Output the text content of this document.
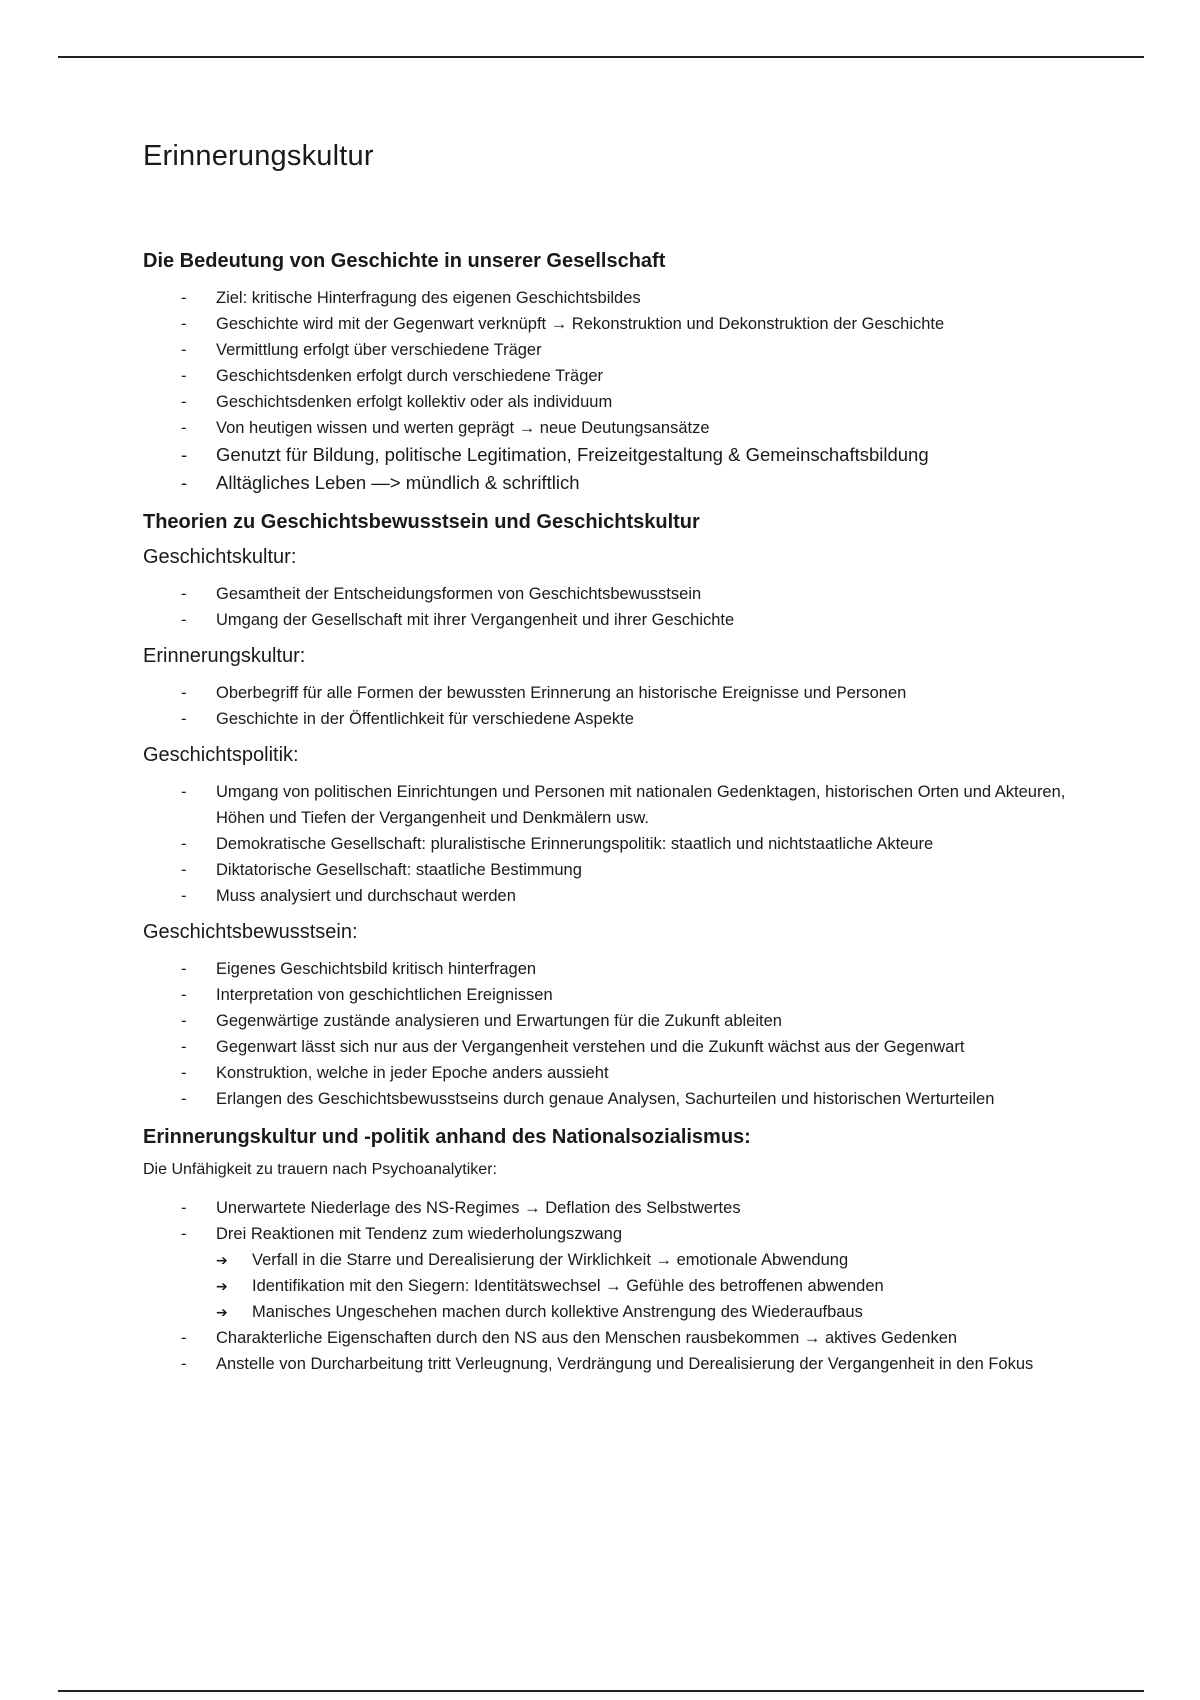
Erinnerungskultur
Die Bedeutung von Geschichte in unserer Gesellschaft
- Ziel: kritische Hinterfragung des eigenen Geschichtsbildes
- Geschichte wird mit der Gegenwart verknüpft → Rekonstruktion und Dekonstruktion der Geschichte
- Vermittlung erfolgt über verschiedene Träger
- Geschichtsdenken erfolgt durch verschiedene Träger
- Geschichtsdenken erfolgt kollektiv oder als individuum
- Von heutigen wissen und werten geprägt → neue Deutungsansätze
- Genutzt für Bildung, politische Legitimation, Freizeitgestaltung & Gemeinschaftsbildung
- Alltägliches Leben —> mündlich & schriftlich
Theorien zu Geschichtsbewusstsein und Geschichtskultur
Geschichtskultur:
- Gesamtheit der Entscheidungsformen von Geschichtsbewusstsein
- Umgang der Gesellschaft mit ihrer Vergangenheit und ihrer Geschichte
Erinnerungskultur:
- Oberbegriff für alle Formen der bewussten Erinnerung an historische Ereignisse und Personen
- Geschichte in der Öffentlichkeit für verschiedene Aspekte
Geschichtspolitik:
- Umgang von politischen Einrichtungen und Personen mit nationalen Gedenktagen, historischen Orten und Akteuren, Höhen und Tiefen der Vergangenheit und Denkmälern usw.
- Demokratische Gesellschaft: pluralistische Erinnerungspolitik: staatlich und nichtstaatliche Akteure
- Diktatorische Gesellschaft: staatliche Bestimmung
- Muss analysiert und durchschaut werden
Geschichtsbewusstsein:
- Eigenes Geschichtsbild kritisch hinterfragen
- Interpretation von geschichtlichen Ereignissen
- Gegenwärtige zustände analysieren und Erwartungen für die Zukunft ableiten
- Gegenwart lässt sich nur aus der Vergangenheit verstehen und die Zukunft wächst aus der Gegenwart
- Konstruktion, welche in jeder Epoche anders aussieht
- Erlangen des Geschichtsbewusstseins durch genaue Analysen, Sachurteilen und historischen Werturteilen
Erinnerungskultur und -politik anhand des Nationalsozialismus:

Die Unfähigkeit zu trauern nach Psychoanalytiker:

- Unerwartete Niederlage des NS-Regimes → Deflation des Selbstwertes
- Drei Reaktionen mit Tendenz zum wiederholungszwang
➔ Verfall in die Starre und Derealisierung der Wirklichkeit → emotionale Abwendung
➔ Identifikation mit den Siegern: Identitätswechsel → Gefühle des betroffenen abwenden
➔ Manisches Ungeschehen machen durch kollektive Anstrengung des Wiederaufbaus
- Charakterliche Eigenschaften durch den NS aus den Menschen rausbekommen → aktives Gedenken
- Anstelle von Durcharbeitung tritt Verleugnung, Verdrängung und Derealisierung der Vergangenheit in den Fokus
